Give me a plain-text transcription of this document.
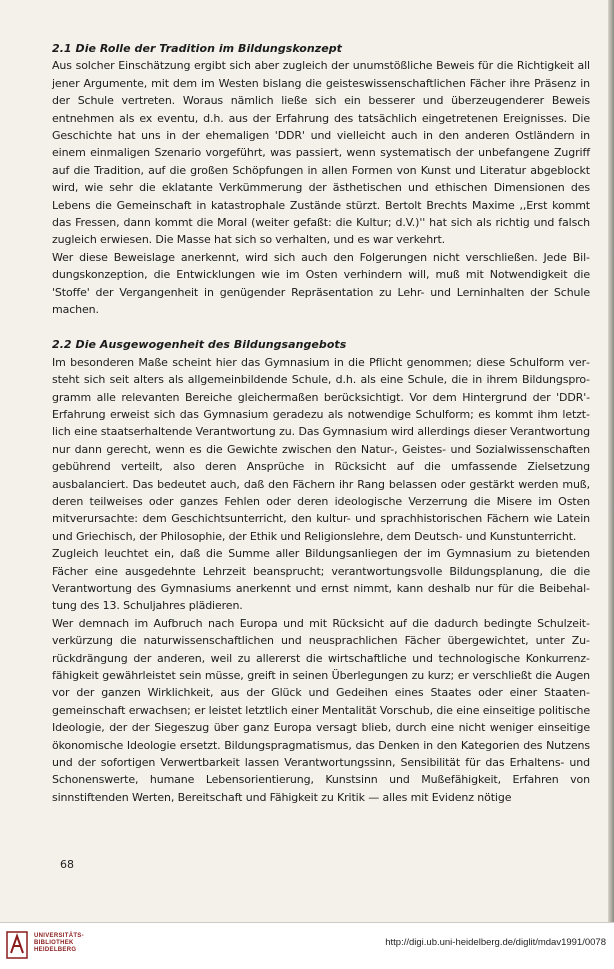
2.1 Die Rolle der Tradition im Bildungskonzept

Aus solcher Einschätzung ergibt sich aber zugleich der unumstößliche Beweis für die Richtigkeit all jener Argumente, mit dem im Westen bislang die geisteswissenschaftlichen Fächer ihre Präsenz in der Schule vertreten. Woraus nämlich ließe sich ein besserer und überzeugenderer Beweis entnehmen als ex eventu, d.h. aus der Erfahrung des tatsächlich eingetretenen Ereignisses. Die Geschichte hat uns in der ehemaligen 'DDR' und vielleicht auch in den anderen Ostländern in einem einmaligen Szenario vorgeführt, was passiert, wenn systematisch der unbefangene Zugriff auf die Tradition, auf die großen Schöpfungen in allen Formen von Kunst und Literatur abgeblockt wird, wie sehr die eklatante Verkümmerung der ästhetischen und ethischen Dimensionen des Lebens die Gemeinschaft in katastrophale Zustände stürzt. Bertolt Brechts Maxime ,,Erst kommt das Fressen, dann kommt die Moral (weiter gefaßt: die Kultur; d.V.)'' hat sich als richtig und falsch zugleich erwiesen. Die Masse hat sich so verhalten, und es war verkehrt.

Wer diese Beweislage anerkennt, wird sich auch den Folgerungen nicht verschließen. Jede Bildungskonzeption, die Entwicklungen wie im Osten verhindern will, muß mit Notwendigkeit die 'Stoffe' der Vergangenheit in genügender Repräsentation zu Lehr- und Lerninhalten der Schule machen.

2.2 Die Ausgewogenheit des Bildungsangebots

Im besonderen Maße scheint hier das Gymnasium in die Pflicht genommen; diese Schulform versteht sich seit alters als allgemeinbildende Schule, d.h. als eine Schule, die in ihrem Bildungsprogramm alle relevanten Bereiche gleichermaßen berücksichtigt. Vor dem Hintergrund der 'DDR'-Erfahrung erweist sich das Gymnasium geradezu als notwendige Schulform; es kommt ihm letztlich eine staatserhaltende Verantwortung zu. Das Gymnasium wird allerdings dieser Verantwortung nur dann gerecht, wenn es die Gewichte zwischen den Natur-, Geistes- und Sozialwissenschaften gebührend verteilt, also deren Ansprüche in Rücksicht auf die umfassende Zielsetzung ausbalanciert. Das bedeutet auch, daß den Fächern ihr Rang belassen oder gestärkt werden muß, deren teilweises oder ganzes Fehlen oder deren ideologische Verzerrung die Misere im Osten mitverursachte: dem Geschichtsunterricht, den kultur- und sprachhistorischen Fächern wie Latein und Griechisch, der Philosophie, der Ethik und Religionslehre, dem Deutsch- und Kunstunterricht.

Zugleich leuchtet ein, daß die Summe aller Bildungsanliegen der im Gymnasium zu bietenden Fächer eine ausgedehnte Lehrzeit beansprucht; verantwortungsvolle Bildungsplanung, die die Verantwortung des Gymnasiums anerkennt und ernst nimmt, kann deshalb nur für die Beibehaltung des 13. Schuljahres plädieren.

Wer demnach im Aufbruch nach Europa und mit Rücksicht auf die dadurch bedingte Schulzeitverkürzung die naturwissenschaftlichen und neusprachlichen Fächer übergewichtet, unter Zurückdrängung der anderen, weil zu allererst die wirtschaftliche und technologische Konkurrenzfähigkeit gewährleistet sein müsse, greift in seinen Überlegungen zu kurz; er verschließt die Augen vor der ganzen Wirklichkeit, aus der Glück und Gedeihen eines Staates oder einer Staatengemeinschaft erwachsen; er leistet letztlich einer Mentalität Vorschub, die eine einseitige politische Ideologie, der der Siegeszug über ganz Europa versagt blieb, durch eine nicht weniger einseitige ökonomische Ideologie ersetzt. Bildungspragmatismus, das Denken in den Kategorien des Nutzens und der sofortigen Verwertbarkeit lassen Verantwortungssinn, Sensibilität für das Erhaltens- und Schonenswerte, humane Lebensorientierung, Kunstsinn und Mußefähigkeit, Erfahren von sinnstiftenden Werten, Bereitschaft und Fähigkeit zu Kritik — alles mit Evidenz nötige

68
UNIVERSITÄTS-
BIBLIOTHEK
HEIDELBERG
http://digi.ub.uni-heidelberg.de/diglit/mdav1991/0078
